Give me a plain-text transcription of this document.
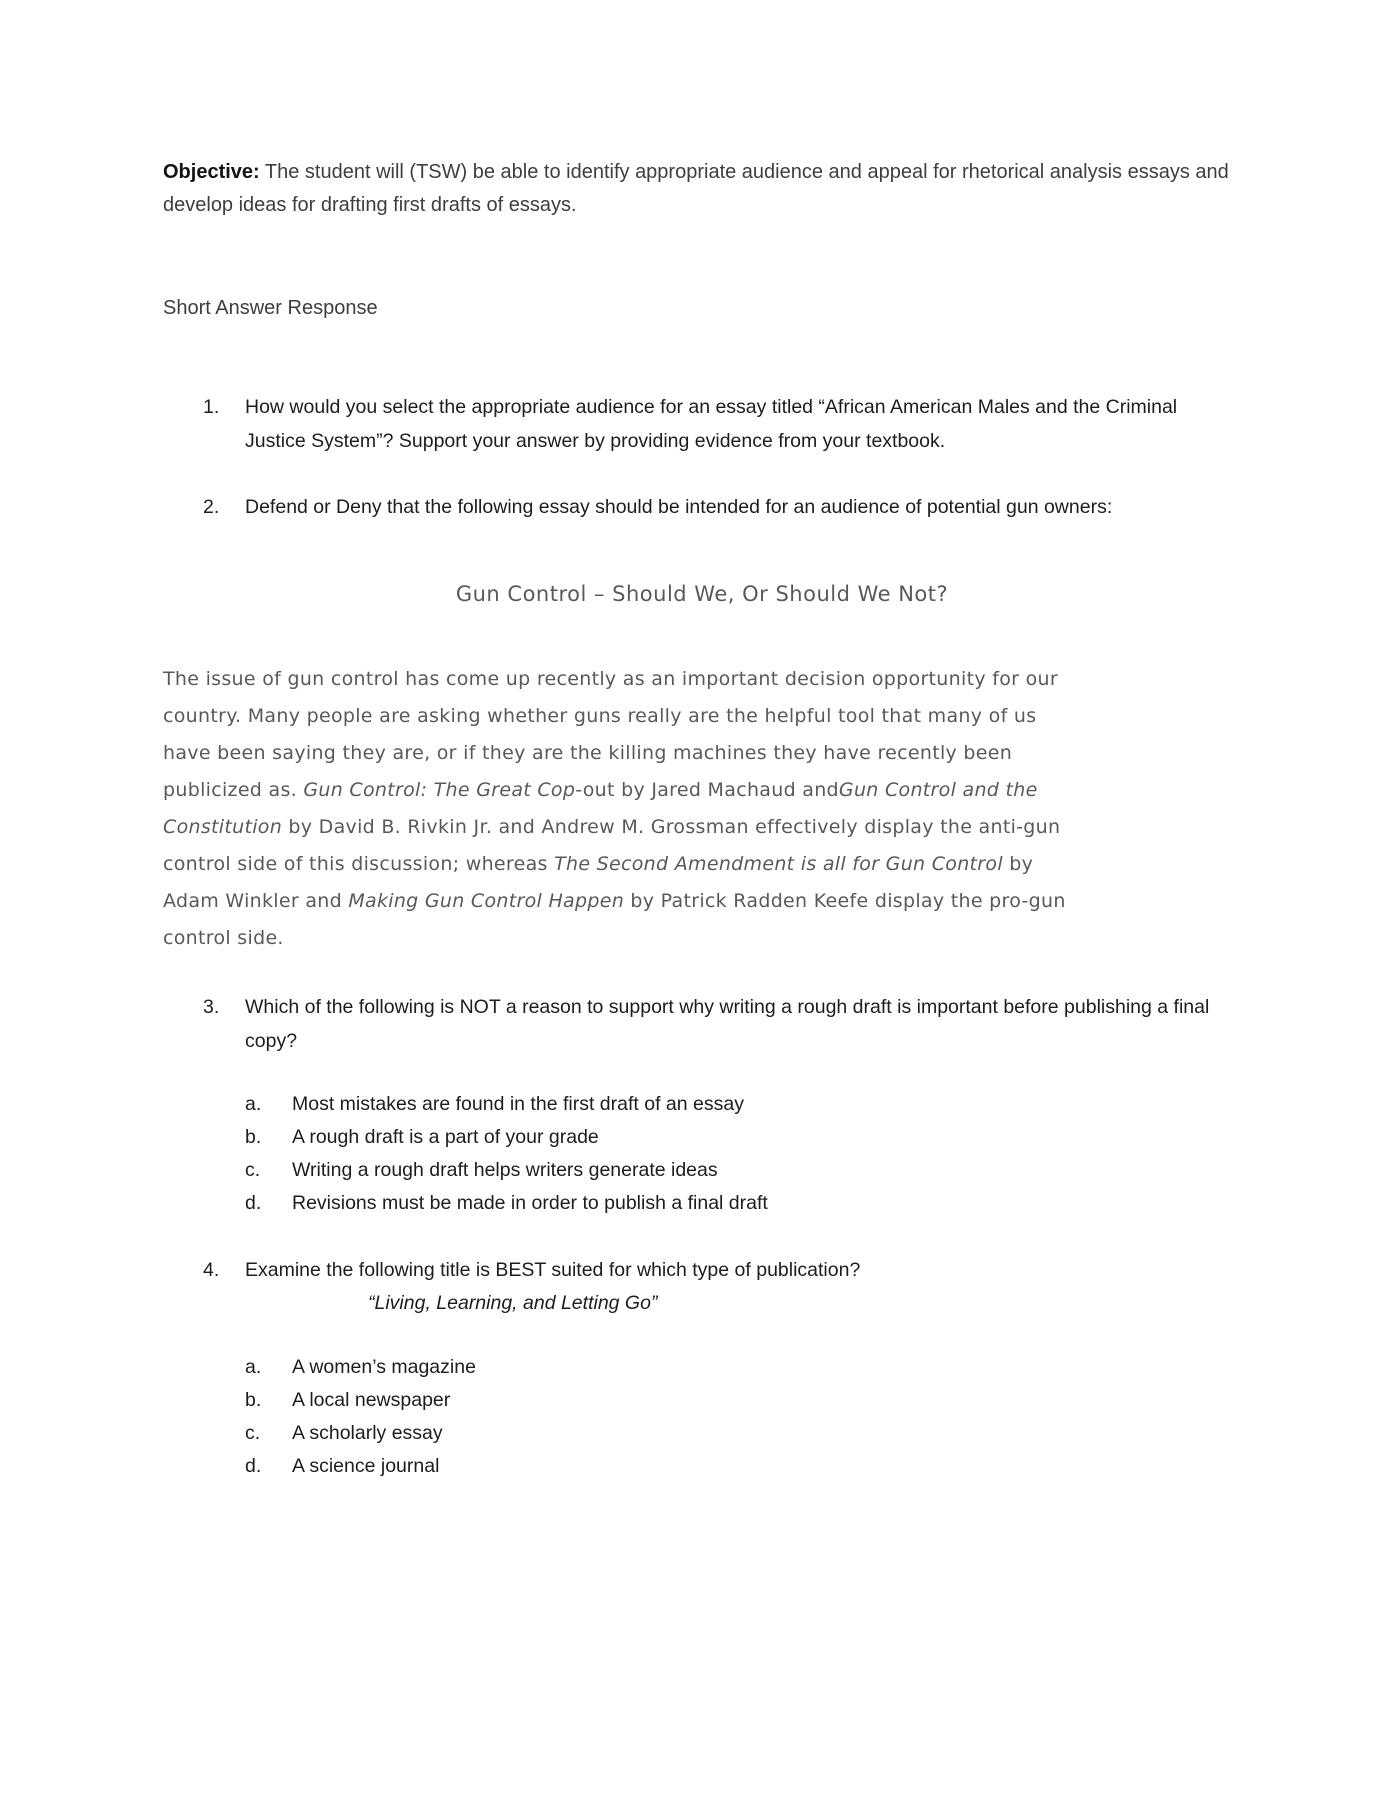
Objective: The student will (TSW) be able to identify appropriate audience and appeal for rhetorical analysis essays and develop ideas for drafting first drafts of essays.

Short Answer Response

1.	How would you select the appropriate audience for an essay titled “African American Males and the Criminal Justice System”? Support your answer by providing evidence from your textbook.
2.	Defend or Deny that the following essay should be intended for an audience of potential gun owners:
Gun Control – Should We, Or Should We Not?
The issue of gun control has come up recently as an important decision opportunity for our
country. Many people are asking whether guns really are the helpful tool that many of us
have been saying they are, or if they are the killing machines they have recently been
publicized as. Gun Control: The Great Cop-out by Jared Machaud andGun Control and the
Constitution by David B. Rivkin Jr. and Andrew M. Grossman effectively display the anti-gun
control side of this discussion; whereas The Second Amendment is all for Gun Control by
Adam Winkler and Making Gun Control Happen by Patrick Radden Keefe display the pro-gun
control side.
3.	Which of the following is NOT a reason to support why writing a rough draft is important before publishing a final copy?
a.	Most mistakes are found in the first draft of an essay
b.	A rough draft is a part of your grade
c.	Writing a rough draft helps writers generate ideas
d.	Revisions must be made in order to publish a final draft
4.	Examine the following title is BEST suited for which type of publication?
“Living, Learning, and Letting Go”
a.	A women’s magazine
b.	A local newspaper
c.	A scholarly essay
d.	A science journal
